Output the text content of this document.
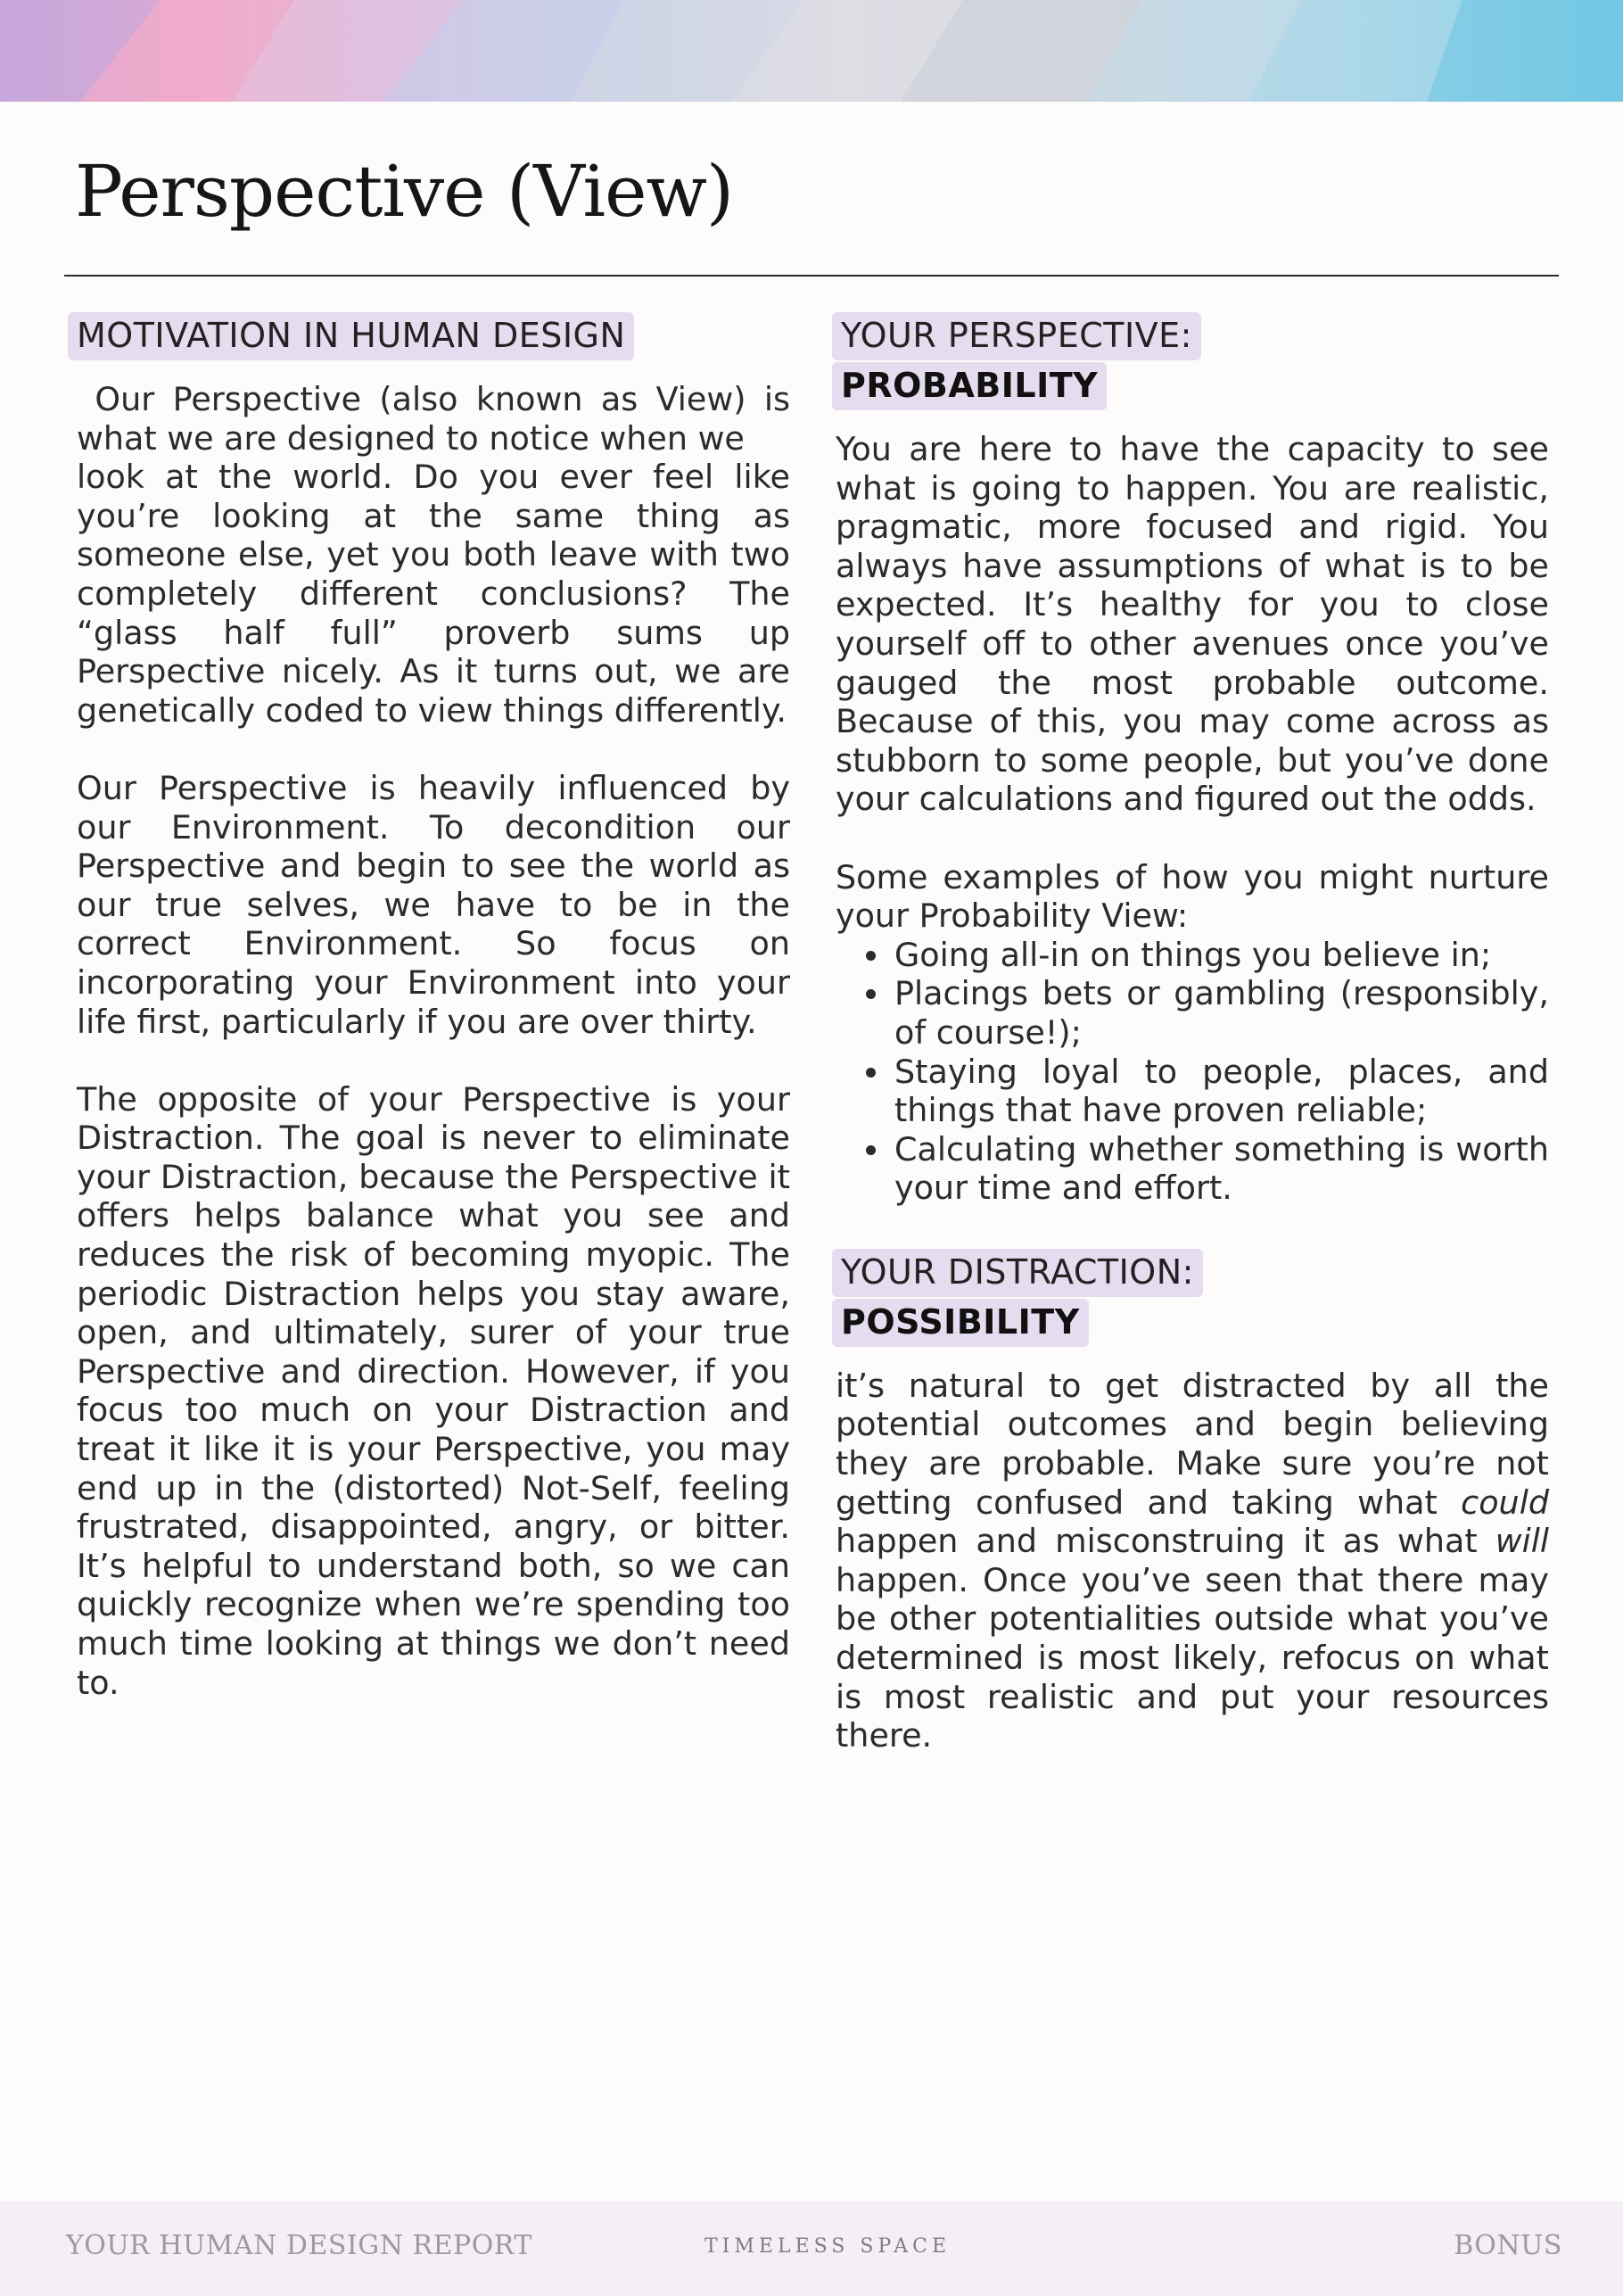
Perspective (View)
MOTIVATION IN HUMAN DESIGN

Our Perspective (also known as View) is what we are designed to notice when we

look at the world. Do you ever feel like you’re looking at the same thing as someone else, yet you both leave with two completely different conclusions? The “glass half full” proverb sums up Perspective nicely. As it turns out, we are genetically coded to view things differently.

Our Perspective is heavily influenced by our Environment. To decondition our Perspective and begin to see the world as our true selves, we have to be in the correct Environment. So focus on incorporating your Environment into your life first, particularly if you are over thirty.

The opposite of your Perspective is your Distraction. The goal is never to eliminate your Distraction, because the Perspective it offers helps balance what you see and reduces the risk of becoming myopic. The periodic Distraction helps you stay aware, open, and ultimately, surer of your true Perspective and direction. However, if you focus too much on your Distraction and treat it like it is your Perspective, you may end up in the (distorted) Not-Self, feeling frustrated, disappointed, angry, or bitter. It’s helpful to understand both, so we can quickly recognize when we’re spending too much time looking at things we don’t need to.

YOUR PERSPECTIVE:
PROBABILITY

You are here to have the capacity to see what is going to happen. You are realistic, pragmatic, more focused and rigid. You always have assumptions of what is to be expected. It’s healthy for you to close yourself off to other avenues once you’ve gauged the most probable outcome. Because of this, you may come across as stubborn to some people, but you’ve done your calculations and figured out the odds.

Some examples of how you might nurture your Probability View:

Going all-in on things you believe in;
Placings bets or gambling (responsibly, of course!);
Staying loyal to people, places, and things that have proven reliable;
Calculating whether something is worth your time and effort.
YOUR DISTRACTION:
POSSIBILITY

it’s natural to get distracted by all the potential outcomes and begin believing they are probable. Make sure you’re not getting confused and taking what could happen and misconstruing it as what will happen. Once you’ve seen that there may be other potentialities outside what you’ve determined is most likely, refocus on what is most realistic and put your resources there.

YOUR HUMAN DESIGN REPORT	TIMELESS SPACE	BONUS
